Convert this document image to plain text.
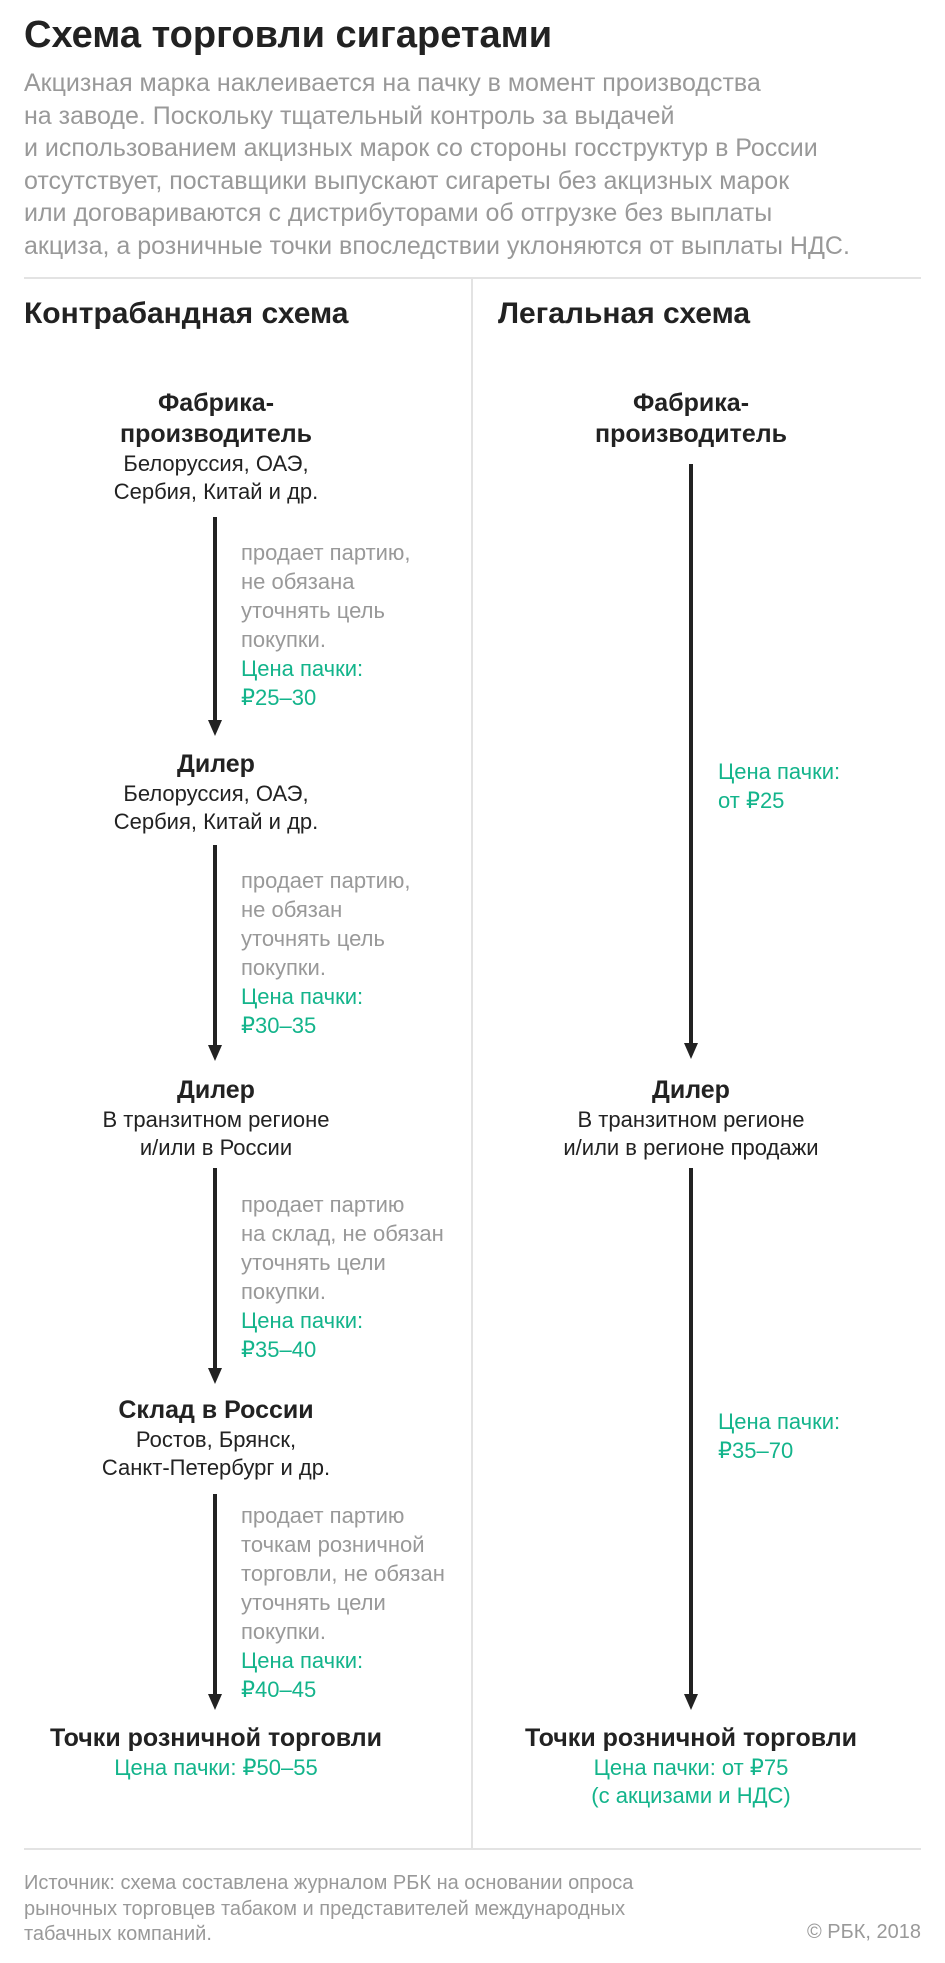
Схема торговли сигаретами
Акцизная марка наклеивается на пачку в момент производства
на заводе. Поскольку тщательный контроль за выдачей
и использованием акцизных марок со стороны госструктур в России
отсутствует, поставщики выпускают сигареты без акцизных марок
или договариваются с дистрибуторами об отгрузке без выплаты
акциза, а розничные точки впоследствии уклоняются от выплаты НДС.
Контрабандная схема	Легальная схема
Фабрика-
производитель
Белоруссия, ОАЭ,
Сербия, Китай и др.
Дилер
Белоруссия, ОАЭ,
Сербия, Китай и др.
Дилер
В транзитном регионе
и/или в России
Склад в России
Ростов, Брянск,
Санкт-Петербург и др.
Точки розничной торговли
Цена пачки: ₽50–55
продает партию,
не обязана
уточнять цель
покупки.
Цена пачки:
₽25–30
продает партию,
не обязан
уточнять цель
покупки.
Цена пачки:
₽30–35
продает партию
на склад, не обязан
уточнять цели
покупки.
Цена пачки:
₽35–40
продает партию
точкам розничной
торговли, не обязан
уточнять цели
покупки.
Цена пачки:
₽40–45
Фабрика-
производитель
Дилер
В транзитном регионе
и/или в регионе продажи
Точки розничной торговли
Цена пачки: от ₽75
(с акцизами и НДС)
Цена пачки:
от ₽25
Цена пачки:
₽35–70
Источник: схема составлена журналом РБК на основании опроса
рыночных торговцев табаком и представителей международных
табачных компаний.	© РБК, 2018
